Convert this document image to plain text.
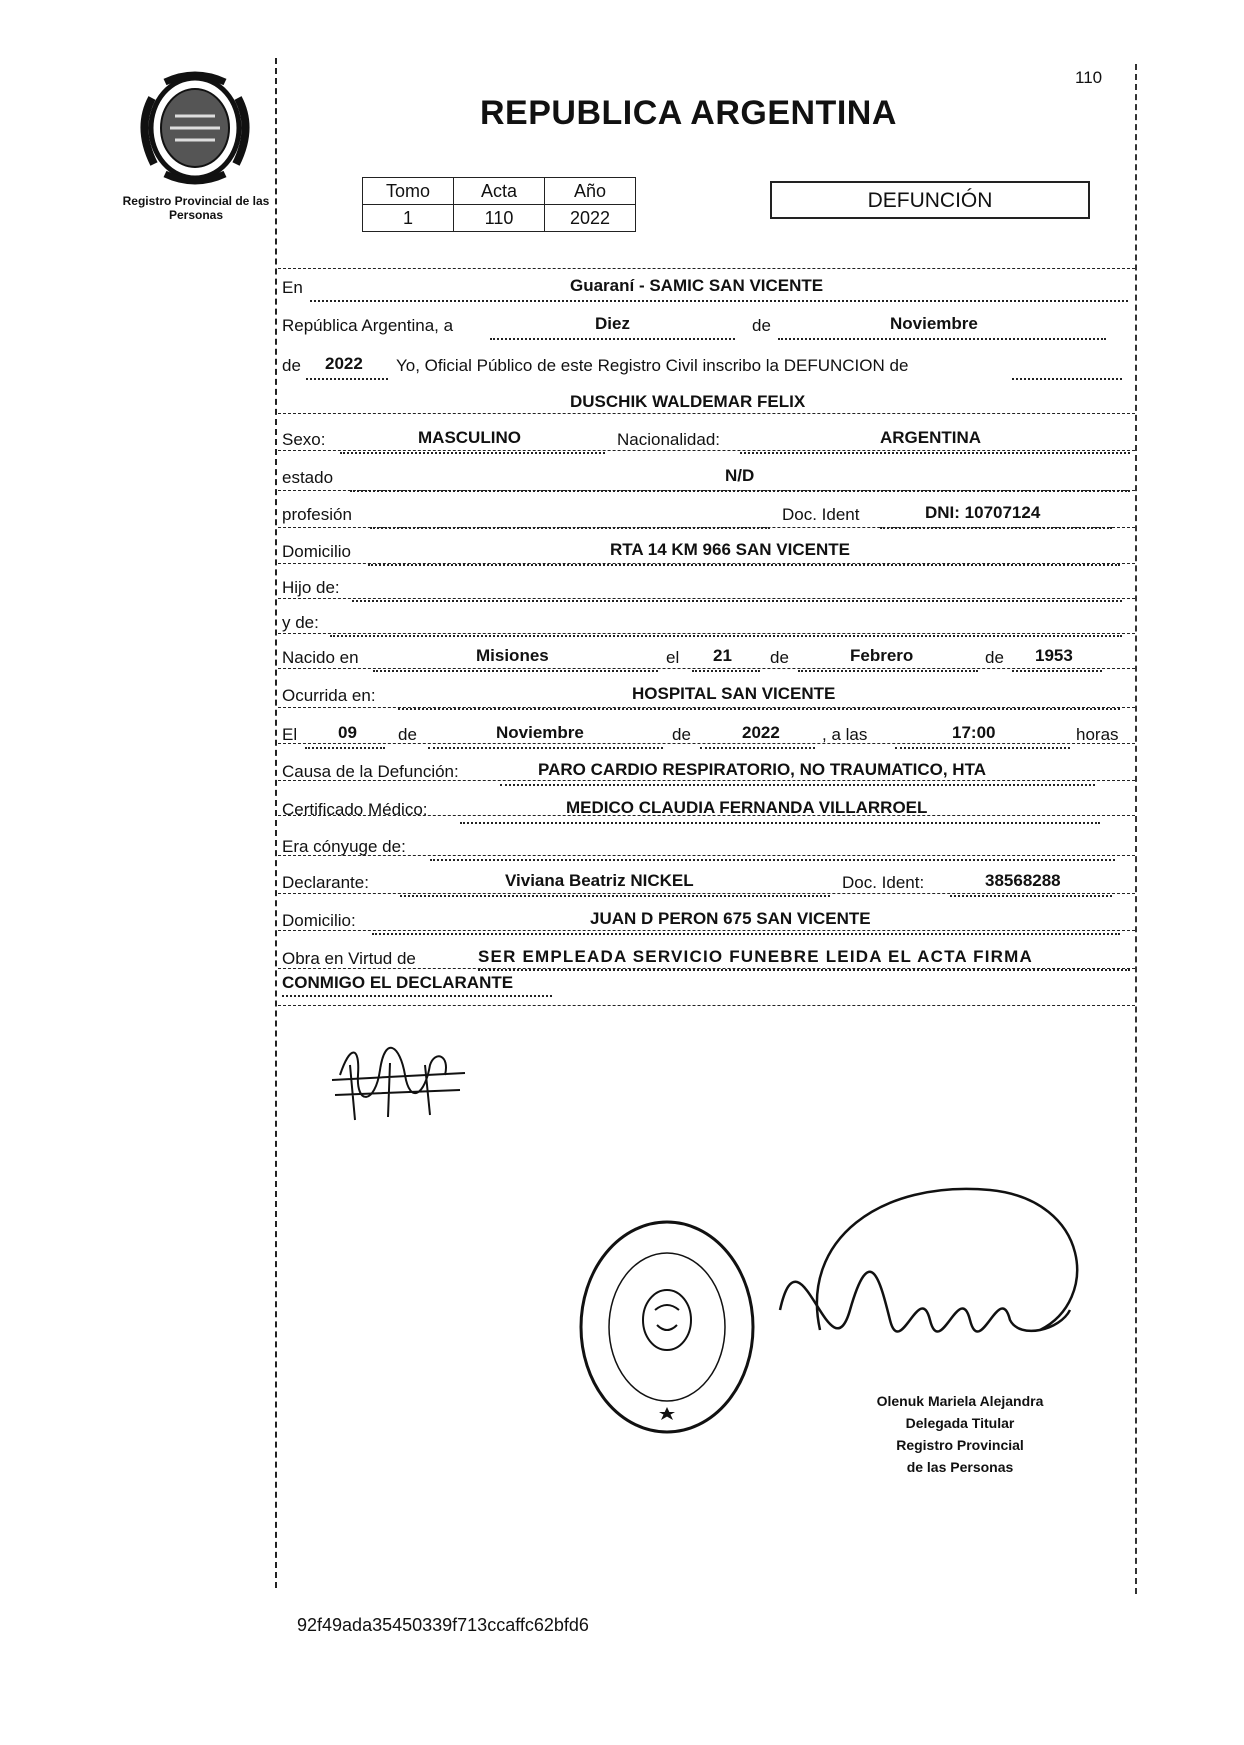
Registro Provincial de las Personas
110
REPUBLICA ARGENTINA
Tomo	Acta	Año
1	110	2022
DEFUNCIÓN
En	Guaraní - SAMIC SAN VICENTE
República Argentina, a	Diez	de	Noviembre
de 2022 Yo, Oficial Público de este Registro Civil inscribo la DEFUNCION de
DUSCHIK WALDEMAR FELIX
Sexo:	MASCULINO	Nacionalidad:	ARGENTINA
estado	N/D
profesión	Doc. Ident	DNI: 10707124
Domicilio	RTA 14 KM 966 SAN VICENTE
Hijo de:
y de:
Nacido en	Misiones	el 21 de	Febrero	de 1953
Ocurrida en:	HOSPITAL SAN VICENTE
El 09 de	Noviembre	de	2022 , a las	17:00	horas
Causa de la Defunción:	PARO CARDIO RESPIRATORIO, NO TRAUMATICO, HTA
Certificado Médico:	MEDICO CLAUDIA FERNANDA VILLARROEL
Era cónyuge de:
Declarante:	Viviana Beatriz NICKEL	Doc. Ident:	38568288
Domicilio:	JUAN D PERON 675 SAN VICENTE
Obra en Virtud de	SER EMPLEADA SERVICIO FUNEBRE LEIDA EL ACTA FIRMA
CONMIGO EL DECLARANTE
Olenuk Mariela Alejandra
Delegada Titular
Registro Provincial
de las Personas
92f49ada35450339f713ccaffc62bfd6
